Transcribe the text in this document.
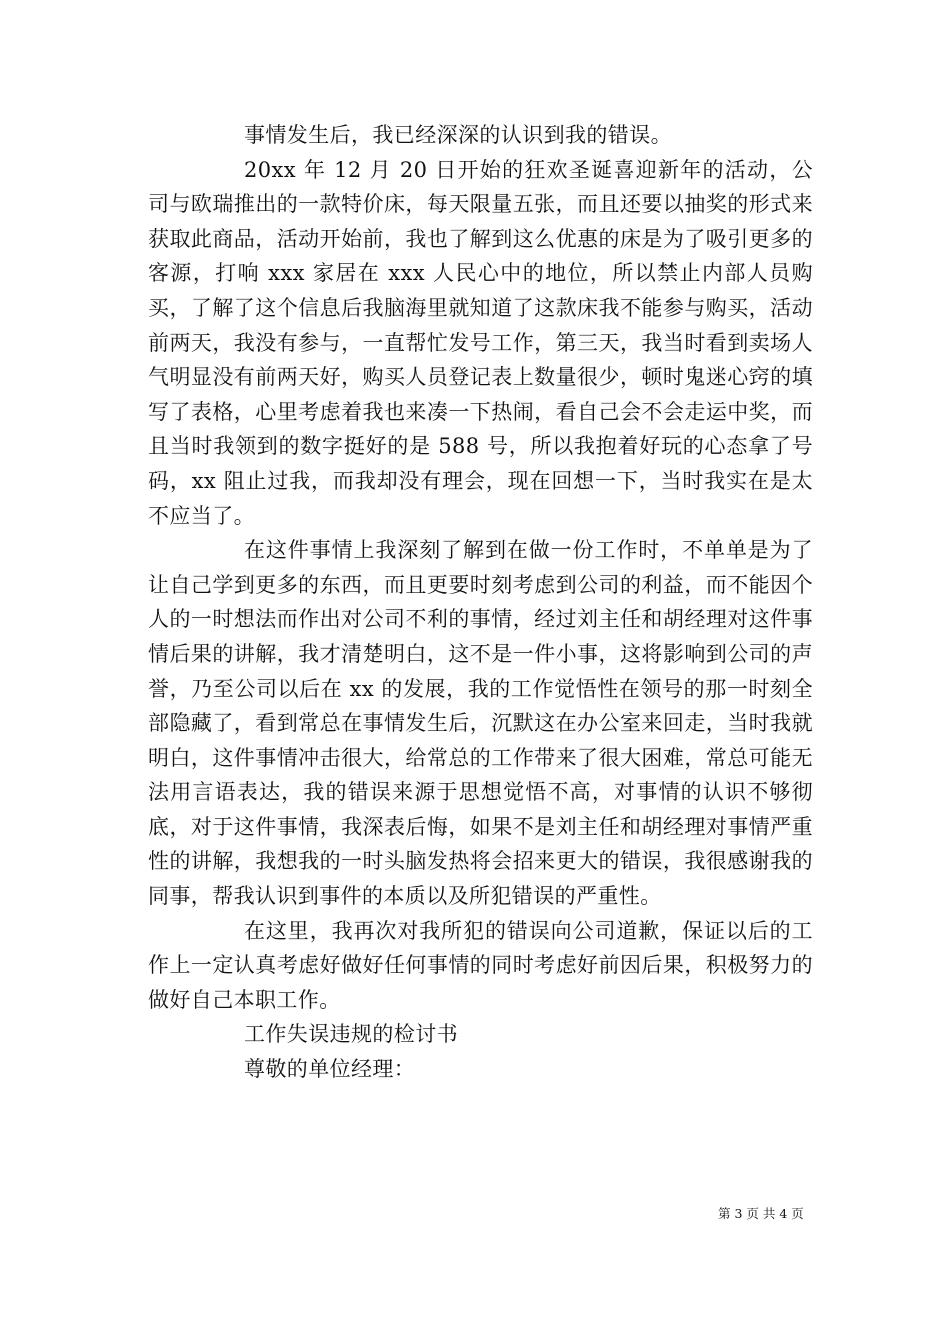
事情发生后，我已经深深的认识到我的错误。

20xx 年 12 月 20 日开始的狂欢圣诞喜迎新年的活动，公司与欧瑞推出的一款特价床，每天限量五张，而且还要以抽奖的形式来获取此商品，活动开始前，我也了解到这么优惠的床是为了吸引更多的客源，打响 xxx 家居在 xxx 人民心中的地位，所以禁止内部人员购买，了解了这个信息后我脑海里就知道了这款床我不能参与购买，活动前两天，我没有参与，一直帮忙发号工作，第三天，我当时看到卖场人气明显没有前两天好，购买人员登记表上数量很少，顿时鬼迷心窍的填写了表格，心里考虑着我也来凑一下热闹，看自己会不会走运中奖，而且当时我领到的数字挺好的是 588 号，所以我抱着好玩的心态拿了号码，xx 阻止过我，而我却没有理会，现在回想一下，当时我实在是太不应当了。

在这件事情上我深刻了解到在做一份工作时，不单单是为了让自己学到更多的东西，而且更要时刻考虑到公司的利益，而不能因个人的一时想法而作出对公司不利的事情，经过刘主任和胡经理对这件事情后果的讲解，我才清楚明白，这不是一件小事，这将影响到公司的声誉，乃至公司以后在 xx 的发展，我的工作觉悟性在领号的那一时刻全部隐藏了，看到常总在事情发生后，沉默这在办公室来回走，当时我就明白，这件事情冲击很大，给常总的工作带来了很大困难，常总可能无法用言语表达，我的错误来源于思想觉悟不高，对事情的认识不够彻底，对于这件事情，我深表后悔，如果不是刘主任和胡经理对事情严重性的讲解，我想我的一时头脑发热将会招来更大的错误，我很感谢我的同事，帮我认识到事件的本质以及所犯错误的严重性。

在这里，我再次对我所犯的错误向公司道歉，保证以后的工作上一定认真考虑好做好任何事情的同时考虑好前因后果，积极努力的做好自己本职工作。

工作失误违规的检讨书

尊敬的单位经理：

第 3 页 共 4 页
